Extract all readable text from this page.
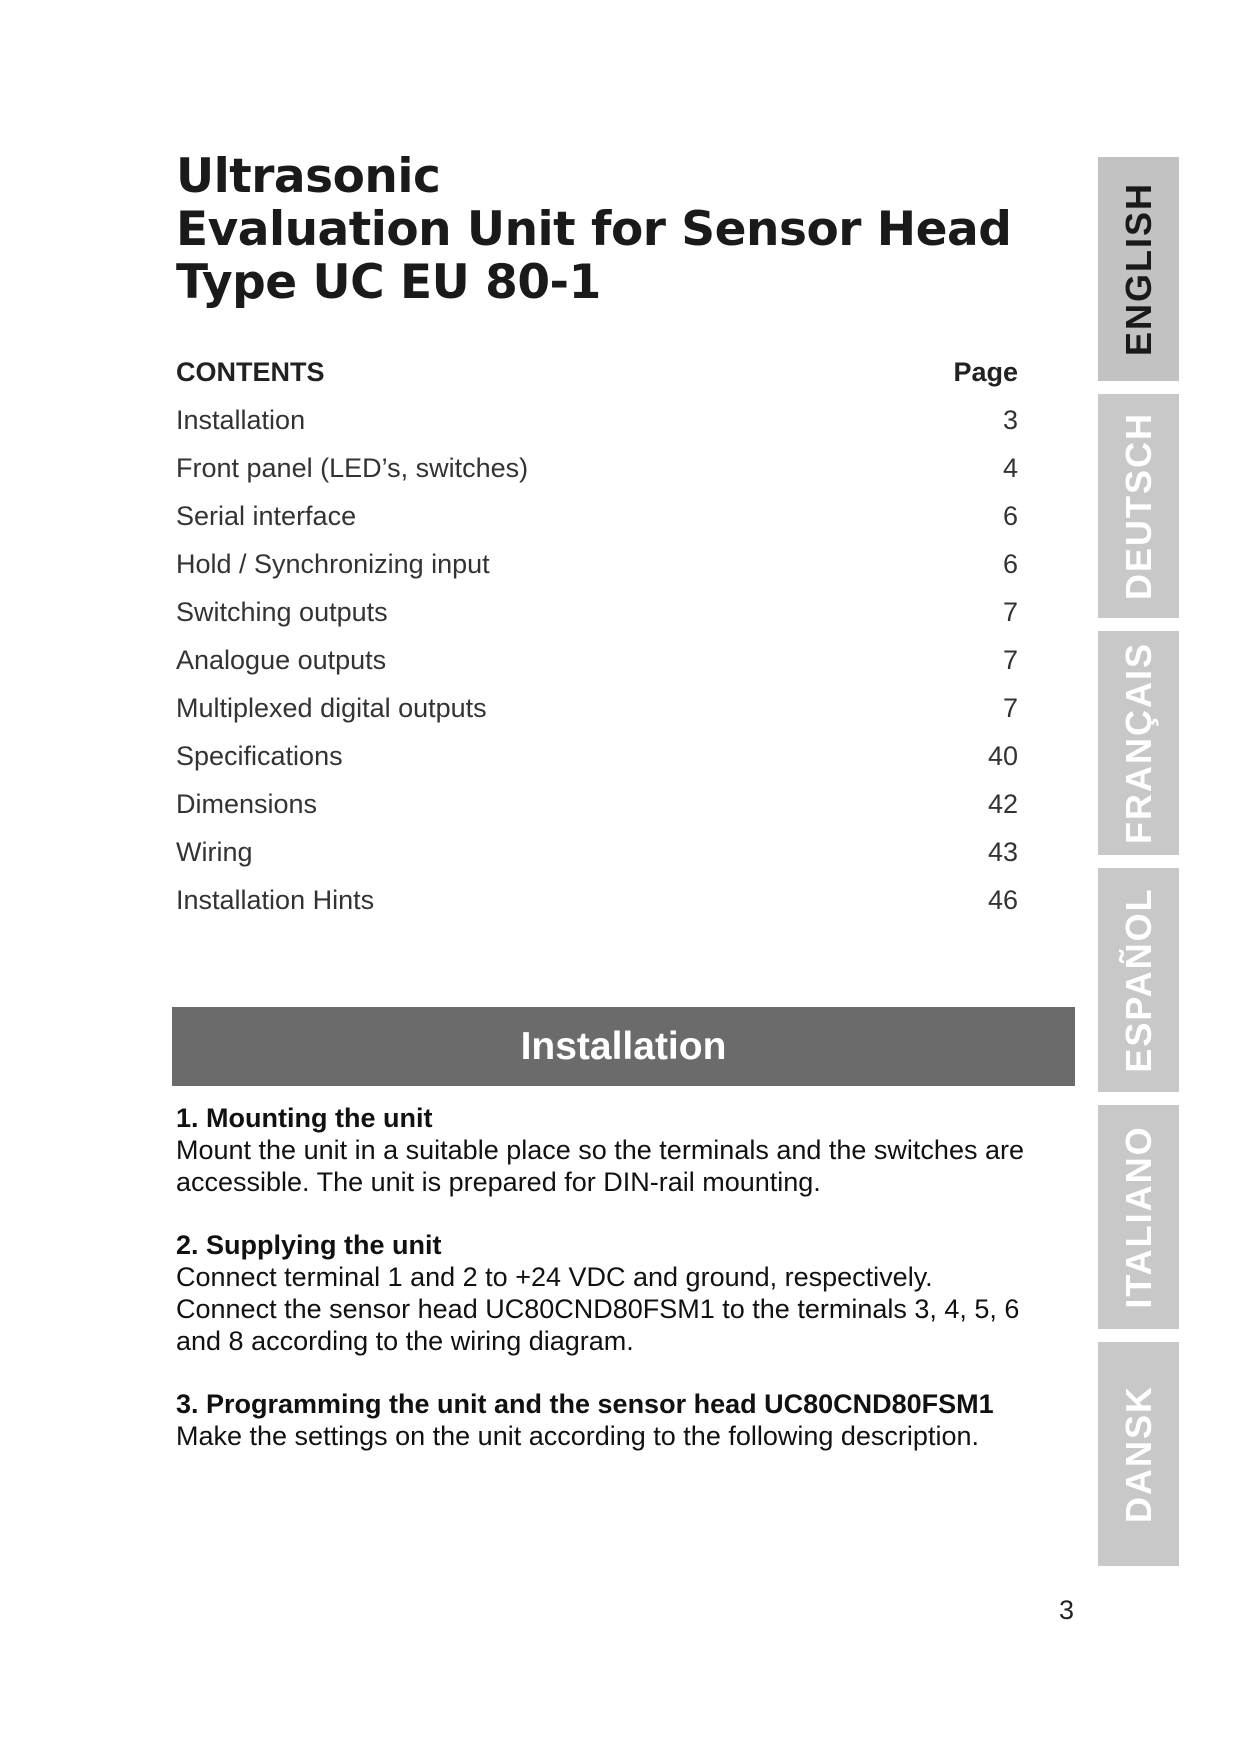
Ultrasonic
Evaluation Unit for Sensor Head
Type UC EU 80-1
CONTENTS	Page
Installation	3
Front panel (LED’s, switches)	4
Serial interface	6
Hold / Synchronizing input	6
Switching outputs	7
Analogue outputs	7
Multiplexed digital outputs	7
Specifications	40
Dimensions	42
Wiring	43
Installation Hints	46
Installation

1. Mounting the unit

Mount the unit in a suitable place so the terminals and the switches are

accessible. The unit is prepared for DIN-rail mounting.

2. Supplying the unit

Connect terminal 1 and 2 to +24 VDC and ground, respectively.

Connect the sensor head UC80CND80FSM1 to the terminals 3, 4, 5, 6

and 8 according to the wiring diagram.

3. Programming the unit and the sensor head UC80CND80FSM1

Make the settings on the unit according to the following description.

ENGLISH
DEUTSCH
FRANÇAIS
ESPAÑOL
ITALIANO
DANSK
3
